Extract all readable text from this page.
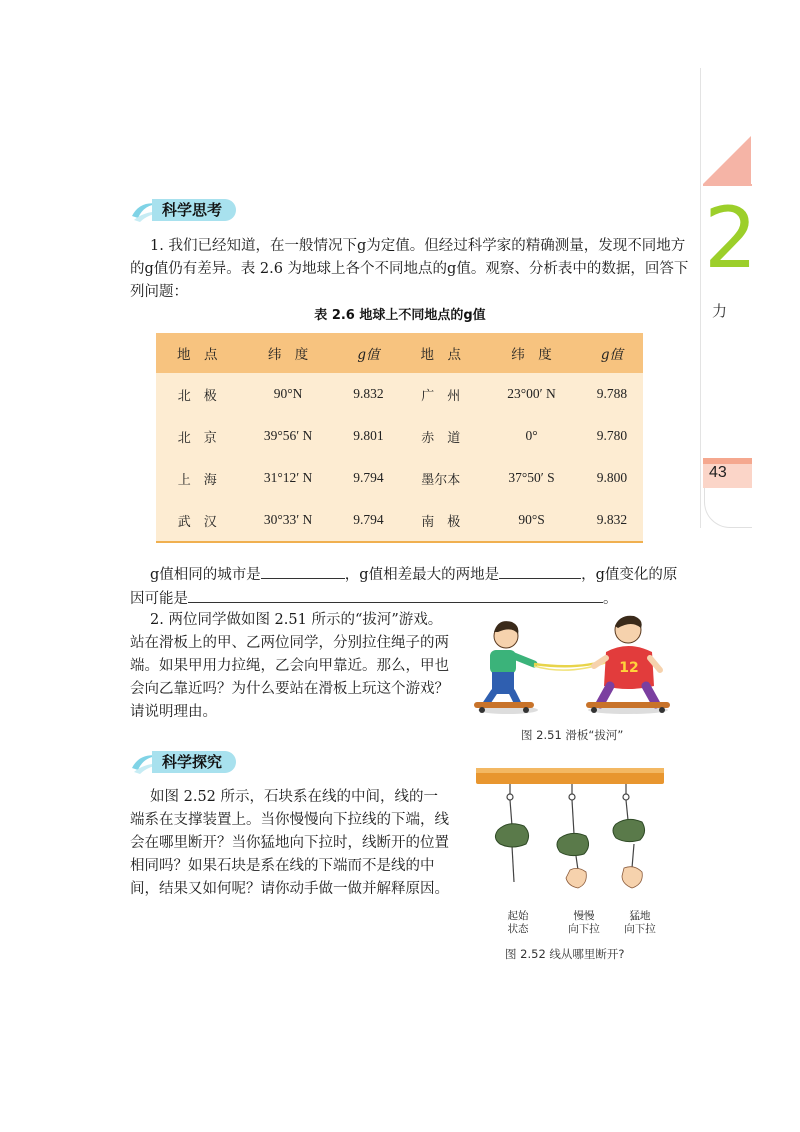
2
力
43
科学思考
1. 我们已经知道，在一般情况下g为定值。但经过科学家的精确测量，发现不同地方的g值仍有差异。表 2.6 为地球上各个不同地点的g值。观察、分析表中的数据，回答下列问题：
表 2.6 地球上不同地点的g值
地　点	纬　度	g值	地　点	纬　度	g值
北　极	90°N	9.832	广　州	23°00′ N	9.788
北　京	39°56′ N	9.801	赤　道	0°	9.780
上　海	31°12′ N	9.794	墨尔本	37°50′ S	9.800
武　汉	30°33′ N	9.794	南　极	90°S	9.832
g值相同的城市是	，g值相差最大的两地是	，g值变化的原
因可能是	。
2. 两位同学做如图 2.51 所示的“拔河”游戏。站在滑板上的甲、乙两位同学，分别拉住绳子的两端。如果甲用力拉绳，乙会向甲靠近。那么，甲也会向乙靠近吗？为什么要站在滑板上玩这个游戏？请说明理由。
12
图 2.51 滑板“拔河”
科学探究
如图 2.52 所示，石块系在线的中间，线的一端系在支撑装置上。当你慢慢向下拉线的下端，线会在哪里断开？当你猛地向下拉时，线断开的位置相同吗？如果石块是系在线的下端而不是线的中间，结果又如何呢？请你动手做一做并解释原因。
起始
状态
慢慢
向下拉
猛地
向下拉
图 2.52 线从哪里断开?
